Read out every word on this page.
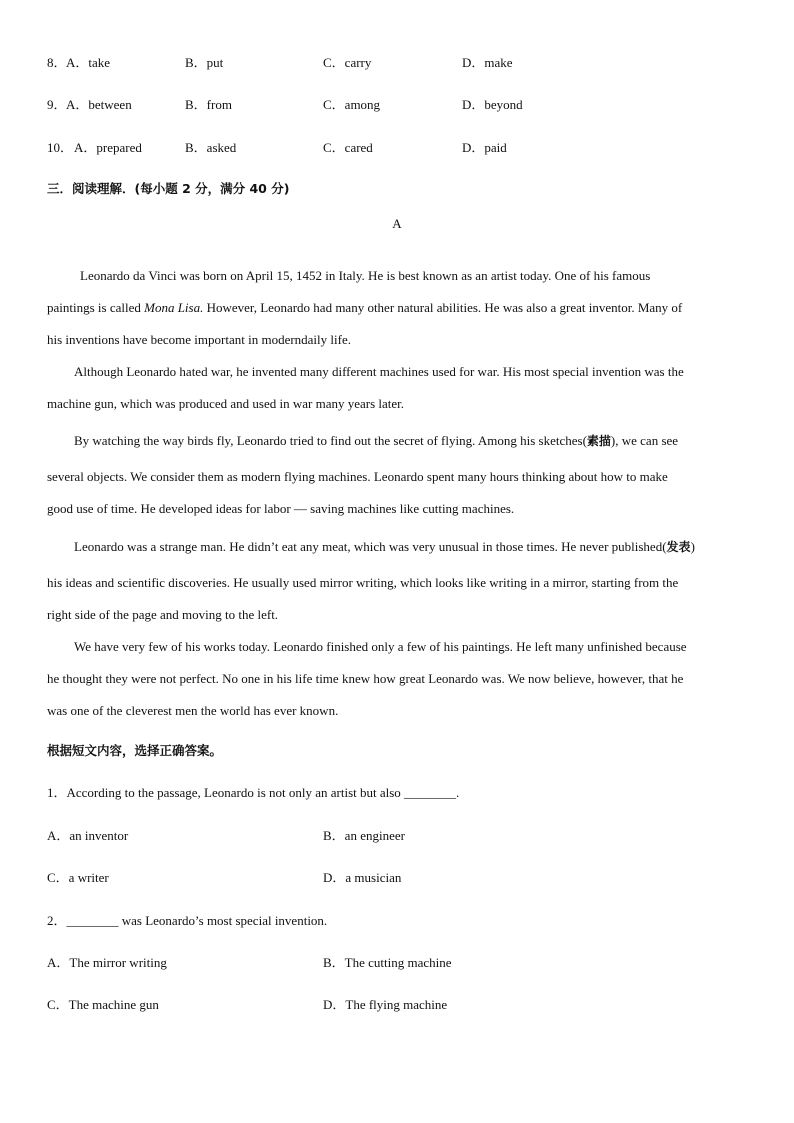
8． A．take	B．put	C．carry	D．make
9． A．between	B．from	C．among	D．beyond
10． A．prepared	B．asked	C．cared	D．paid
三．阅读理解．(每小题 2 分，满分 40 分)
A
Leonardo da Vinci was born on April 15, 1452 in Italy. He is best known as an artist today. One of his famous
paintings is called Mona Lisa. However, Leonardo had many other natural abilities. He was also a great inventor. Many of
his inventions have become important in moderndaily life.
Although Leonardo hated war, he invented many different machines used for war. His most special invention was the
machine gun, which was produced and used in war many years later.
By watching the way birds fly, Leonardo tried to find out the secret of flying. Among his sketches(素描), we can see
several objects. We consider them as modern flying machines. Leonardo spent many hours thinking about how to make
good use of time. He developed ideas for labor — saving machines like cutting machines.
Leonardo was a strange man. He didn’t eat any meat, which was very unusual in those times. He never published(发表)
his ideas and scientific discoveries. He usually used mirror writing, which looks like writing in a mirror, starting from the
right side of the page and moving to the left.
We have very few of his works today. Leonardo finished only a few of his paintings. He left many unfinished because
he thought they were not perfect. No one in his life time knew how great Leonardo was. We now believe, however, that he
was one of the cleverest men the world has ever known.
根据短文内容，选择正确答案。
1．According to the passage, Leonardo is not only an artist but also ________.
A．an inventor	B．an engineer
C．a writer	D．a musician
2．________ was Leonardo’s most special invention.
A．The mirror writing	B．The cutting machine
C．The machine gun	D．The flying machine
